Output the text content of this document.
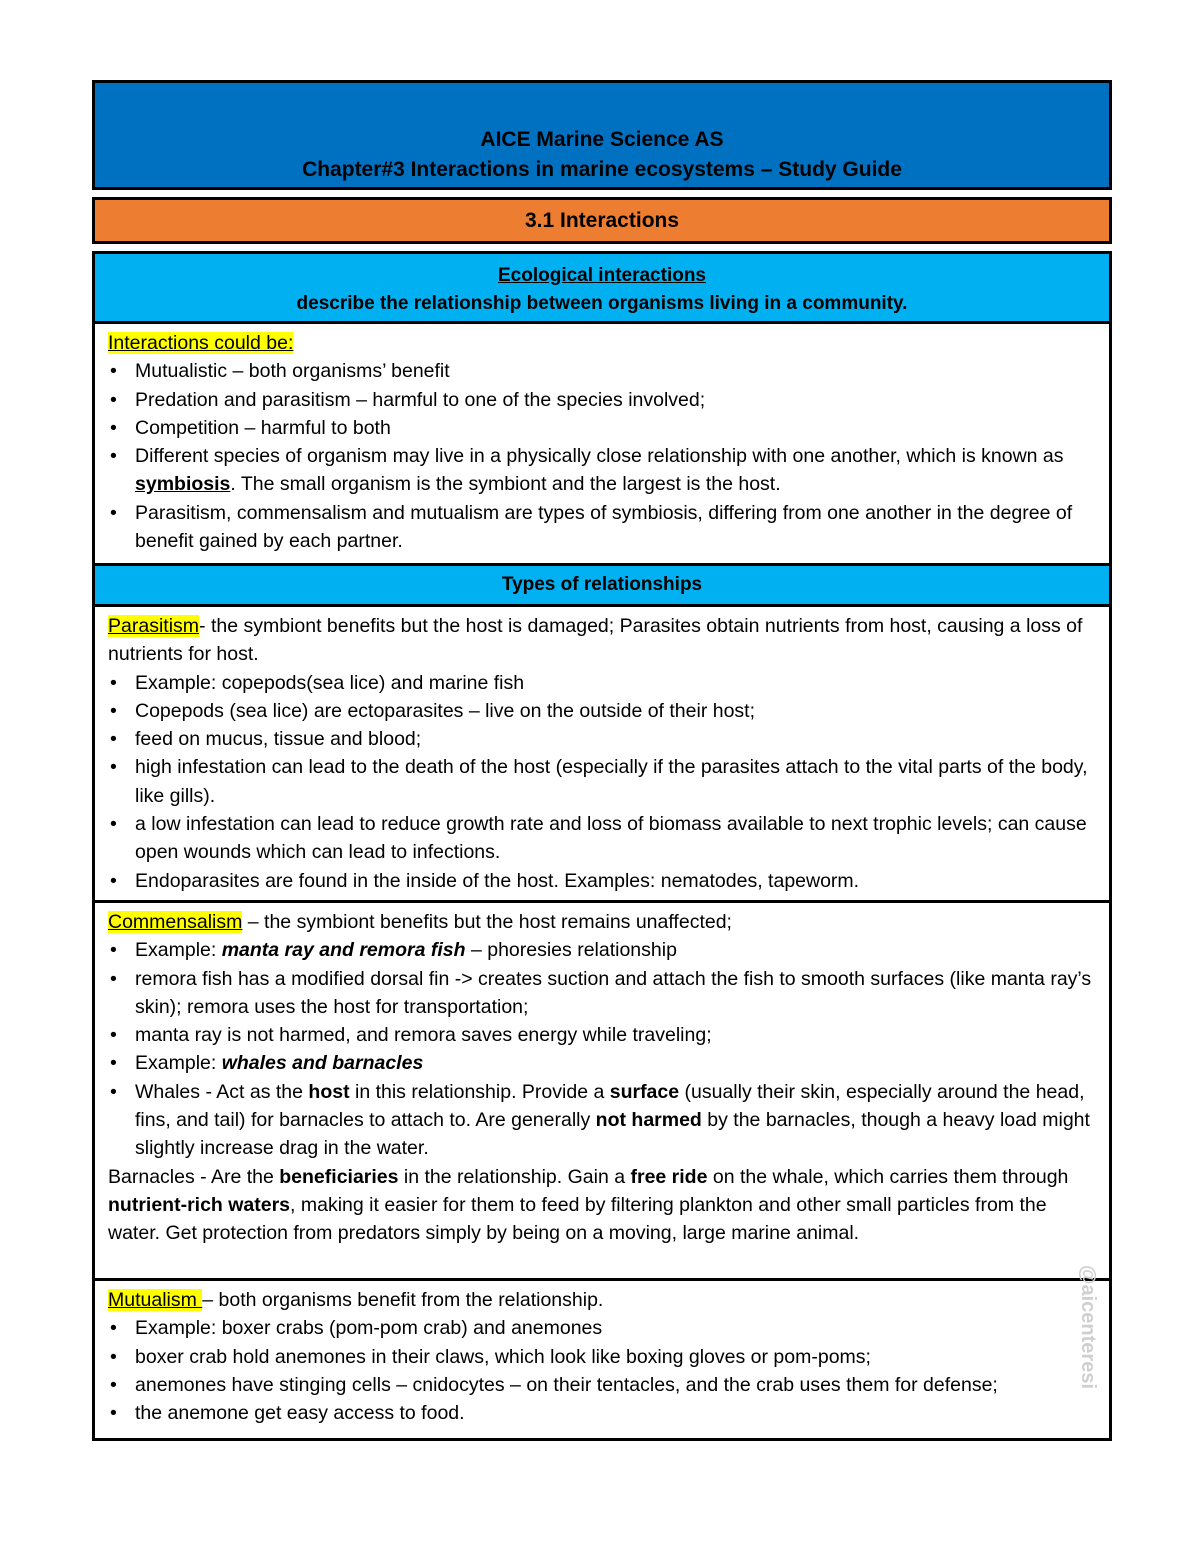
AICE Marine Science AS
Chapter#3 Interactions in marine ecosystems – Study Guide
3.1 Interactions
Ecological interactions
describe the relationship between organisms living in a community.
Interactions could be:
• Mutualistic – both organisms’ benefit
• Predation and parasitism – harmful to one of the species involved;
• Competition – harmful to both
• Different species of organism may live in a physically close relationship with one another, which is known as symbiosis. The small organism is the symbiont and the largest is the host.
• Parasitism, commensalism and mutualism are types of symbiosis, differing from one another in the degree of benefit gained by each partner.
Types of relationships
Parasitism- the symbiont benefits but the host is damaged; Parasites obtain nutrients from host, causing a loss of nutrients for host.
• Example: copepods(sea lice) and marine fish
• Copepods (sea lice) are ectoparasites – live on the outside of their host;
• feed on mucus, tissue and blood;
• high infestation can lead to the death of the host (especially if the parasites attach to the vital parts of the body, like gills).
• a low infestation can lead to reduce growth rate and loss of biomass available to next trophic levels; can cause open wounds which can lead to infections.
• Endoparasites are found in the inside of the host. Examples: nematodes, tapeworm.
Commensalism – the symbiont benefits but the host remains unaffected;
• Example: manta ray and remora fish – phoresies relationship
• remora fish has a modified dorsal fin -> creates suction and attach the fish to smooth surfaces (like manta ray’s skin); remora uses the host for transportation;
• manta ray is not harmed, and remora saves energy while traveling;
• Example: whales and barnacles
• Whales - Act as the host in this relationship. Provide a surface (usually their skin, especially around the head, fins, and tail) for barnacles to attach to. Are generally not harmed by the barnacles, though a heavy load might slightly increase drag in the water.
Barnacles - Are the beneficiaries in the relationship. Gain a free ride on the whale, which carries them through nutrient-rich waters, making it easier for them to feed by filtering plankton and other small particles from the water. Get protection from predators simply by being on a moving, large marine animal.
Mutualism – both organisms benefit from the relationship.
• Example: boxer crabs (pom-pom crab) and anemones
• boxer crab hold anemones in their claws, which look like boxing gloves or pom-poms;
• anemones have stinging cells – cnidocytes – on their tentacles, and the crab uses them for defense;
• the anemone get easy access to food.
@aicenteresi
